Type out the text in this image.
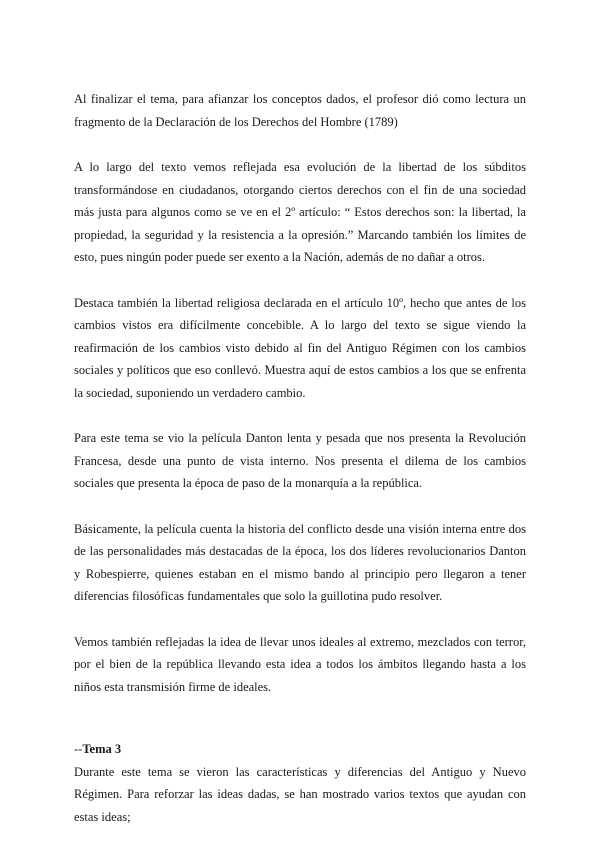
Al finalizar el tema, para afianzar los conceptos dados, el profesor dió como lectura un fragmento de la Declaración de los Derechos del Hombre (1789)

A lo largo del texto vemos reflejada esa evolución de la libertad de los súbditos transformándose en ciudadanos, otorgando ciertos derechos con el fin de una sociedad más justa para algunos como se ve en el 2º artículo: “ Estos derechos son: la libertad, la propiedad, la seguridad y la resistencia a la opresión.” Marcando también los límites de esto, pues ningún poder puede ser exento a la Nación, además de no dañar a otros.

Destaca también la libertad religiosa declarada en el artículo 10º, hecho que antes de los cambios vistos era difícilmente concebible. A lo largo del texto se sigue viendo la reafirmación de los cambios visto debido al fin del Antiguo Régimen con los cambios sociales y políticos que eso conllevó. Muestra aquí de estos cambios a los que se enfrenta la sociedad, suponiendo un verdadero cambio.

Para este tema se vio la película Danton lenta y pesada que nos presenta la Revolución Francesa, desde una punto de vista interno. Nos presenta el dilema de los cambios sociales que presenta la época de paso de la monarquía a la república.

Básicamente, la película cuenta la historia del conflicto desde una visión interna entre dos de las personalidades más destacadas de la época, los dos líderes revolucionarios Danton y Robespierre, quienes estaban en el mismo bando al principio pero llegaron a tener diferencias filosóficas fundamentales que solo la guillotina pudo resolver.

Vemos también reflejadas la idea de llevar unos ideales al extremo, mezclados con terror, por el bien de la república llevando esta idea a todos los ámbitos llegando hasta a los niños esta transmisión firme de ideales.

--Tema 3

Durante este tema se vieron las características y diferencias del Antiguo y Nuevo Régimen. Para reforzar las ideas dadas, se han mostrado varios textos que ayudan con estas ideas;
